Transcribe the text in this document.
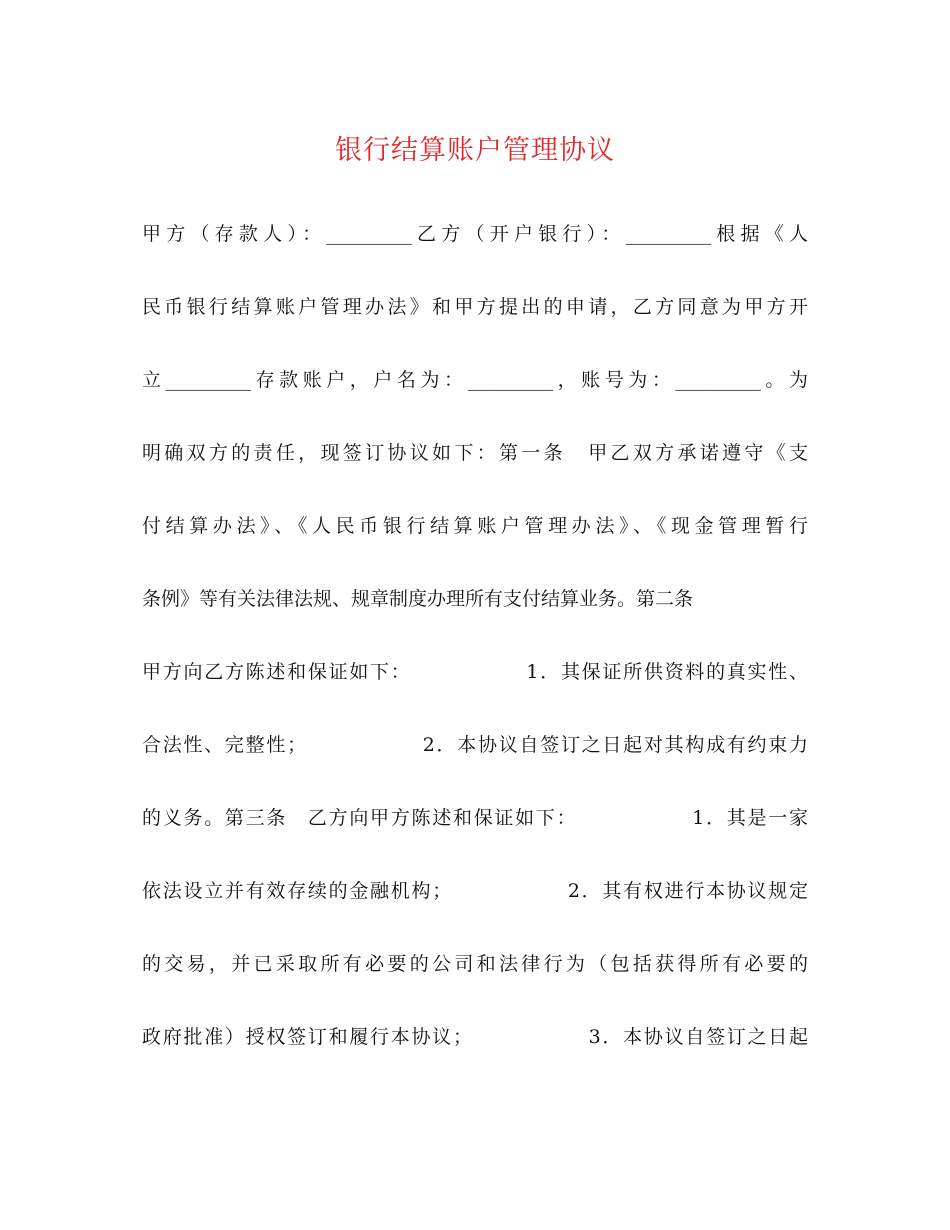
银行结算账户管理协议
甲方（存款人）：_________乙方（开户银行）：_________根据《人
民币银行结算账户管理办法》和甲方提出的申请，乙方同意为甲方开
立_________存款账户，户名为：_________，账号为：_________。为
明确双方的责任，现签订协议如下：第一条　甲乙双方承诺遵守《支
付结算办法》、《人民币银行结算账户管理办法》、《现金管理暂行
条例》等有关法律法规、规章制度办理所有支付结算业务。第二条
甲方向乙方陈述和保证如下：　　　　　　1．其保证所供资料的真实性、
合法性、完整性；　　　　　　2．本协议自签订之日起对其构成有约束力
的义务。第三条　乙方向甲方陈述和保证如下：　　　　　　1．其是一家
依法设立并有效存续的金融机构；　　　　　　2．其有权进行本协议规定
的交易，并已采取所有必要的公司和法律行为（包括获得所有必要的
政府批准）授权签订和履行本协议；　　　　　　3．本协议自签订之日起
